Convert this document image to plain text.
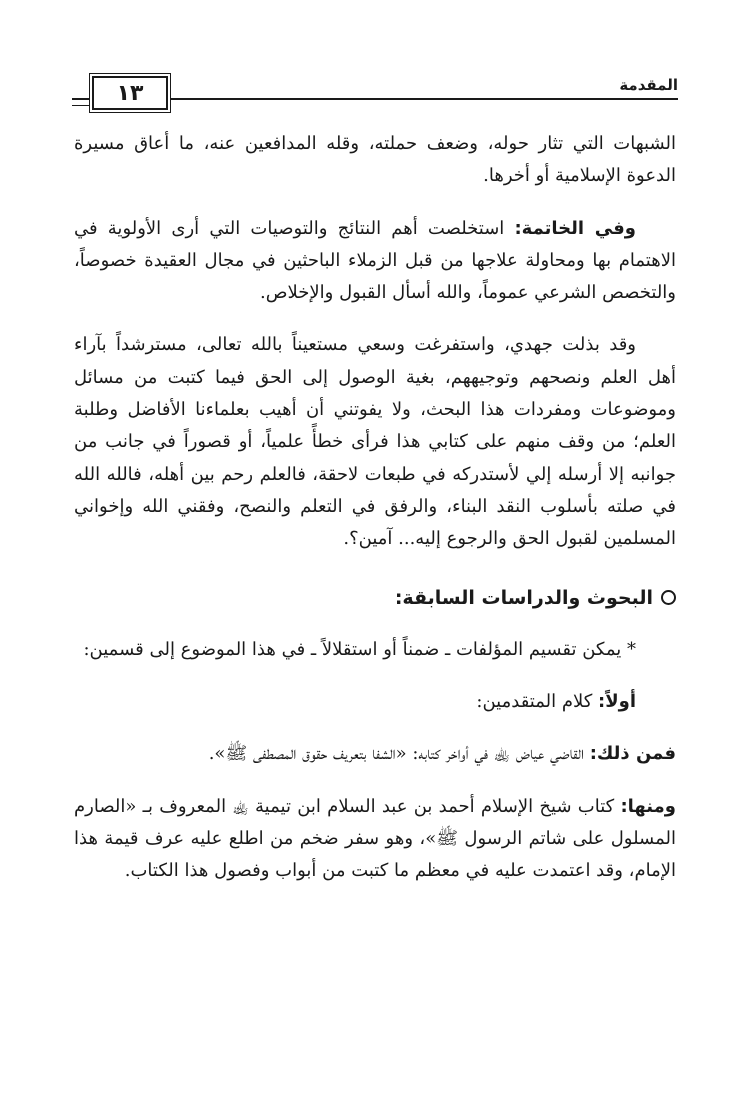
١٣	المقدمة

الشبهات التي تثار حوله، وضعف حملته، وقله المدافعين عنه، ما أعاق مسيرة الدعوة الإسلامية أو أخرها.

وفي الخاتمة: استخلصت أهم النتائج والتوصيات التي أرى الأولوية في الاهتمام بها ومحاولة علاجها من قبل الزملاء الباحثين في مجال العقيدة خصوصاً، والتخصص الشرعي عموماً، والله أسأل القبول والإخلاص.

وقد بذلت جهدي، واستفرغت وسعي مستعيناً بالله تعالى، مسترشداً بآراء أهل العلم ونصحهم وتوجيههم، بغية الوصول إلى الحق فيما كتبت من مسائل وموضوعات ومفردات هذا البحث، ولا يفوتني أن أهيب بعلماءنا الأفاضل وطلبة العلم؛ من وقف منهم على كتابي هذا فرأى خطأً علمياً، أو قصوراً في جانب من جوانبه إلا أرسله إلي لأستدركه في طبعات لاحقة، فالعلم رحم بين أهله، فالله الله في صلته بأسلوب النقد البناء، والرفق في التعلم والنصح، وفقني الله وإخواني المسلمين لقبول الحق والرجوع إليه... آمين؟.

البحوث والدراسات السابقة:

* يمكن تقسيم المؤلفات ـ ضمناً أو استقلالاً ـ في هذا الموضوع إلى قسمين:

أولاً: كلام المتقدمين:

فمن ذلك: القاضي عياض ﵀ في أواخر كتابه: «الشفا بتعريف حقوق المصطفى ﷺ».

ومنها: كتاب شيخ الإسلام أحمد بن عبد السلام ابن تيمية ﵀ المعروف بـ «الصارم المسلول على شاتم الرسول ﷺ»، وهو سفر ضخم من اطلع عليه عرف قيمة هذا الإمام، وقد اعتمدت عليه في معظم ما كتبت من أبواب وفصول هذا الكتاب.
